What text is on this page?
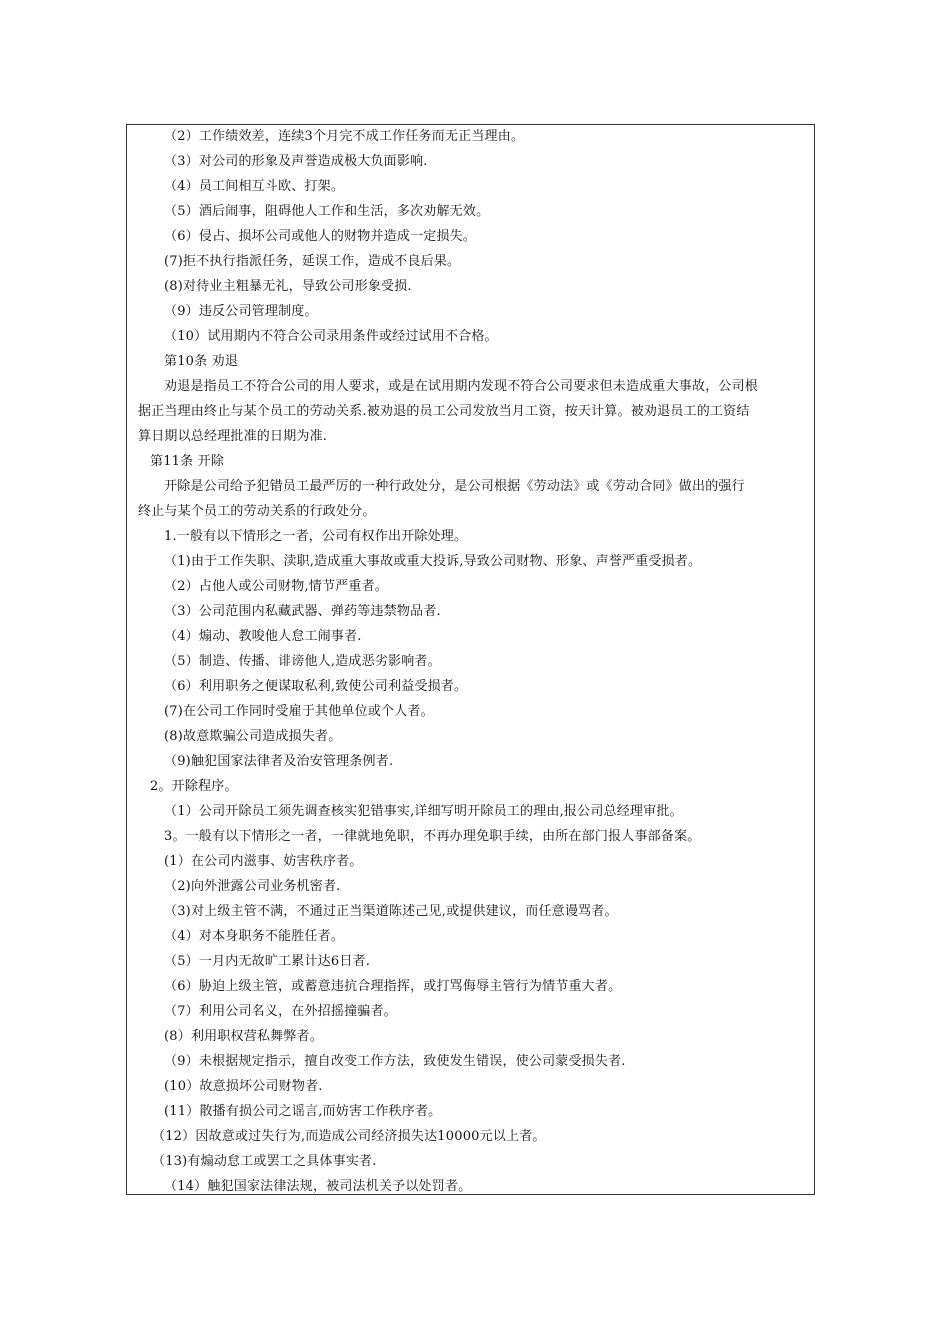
（2）工作绩效差，连续3个月完不成工作任务而无正当理由。
（3）对公司的形象及声誉造成极大负面影响.
（4）员工间相互斗欧、打架。
（5）酒后闹事，阻碍他人工作和生活，多次劝解无效。
（6）侵占、损坏公司或他人的财物并造成一定损失。
(7)拒不执行指派任务，延误工作，造成不良后果。
(8)对待业主粗暴无礼，导致公司形象受损.
（9）违反公司管理制度。
（10）试用期内不符合公司录用条件或经过试用不合格。
第10条 劝退
劝退是指员工不符合公司的用人要求，或是在试用期内发现不符合公司要求但未造成重大事故，公司根
据正当理由终止与某个员工的劳动关系.被劝退的员工公司发放当月工资，按天计算。被劝退员工的工资结
算日期以总经理批准的日期为准.
第11条 开除
开除是公司给予犯错员工最严厉的一种行政处分，是公司根据《劳动法》或《劳动合同》做出的强行
终止与某个员工的劳动关系的行政处分。
1.一般有以下情形之一者，公司有权作出开除处理。
（1)由于工作失职、渎职,造成重大事故或重大投诉,导致公司财物、形象、声誉严重受损者。
（2）占他人或公司财物,情节严重者。
（3）公司范围内私藏武器、弹药等违禁物品者.
（4）煽动、教唆他人怠工闹事者.
（5）制造、传播、诽谤他人,造成恶劣影响者。
（6）利用职务之便谋取私利,致使公司利益受损者。
(7)在公司工作同时受雇于其他单位或个人者。
(8)故意欺骗公司造成损失者。
（9)触犯国家法律者及治安管理条例者.
2。开除程序。
（1）公司开除员工须先调查核实犯错事实,详细写明开除员工的理由,报公司总经理审批。
3。一般有以下情形之一者，一律就地免职，不再办理免职手续，由所在部门报人事部备案。
(1）在公司内滋事、妨害秩序者。
（2)向外泄露公司业务机密者.
（3)对上级主管不满，不通过正当渠道陈述己见,或提供建议，而任意谩骂者。
（4）对本身职务不能胜任者。
（5）一月内无故旷工累计达6日者.
（6）胁迫上级主管，或蓄意违抗合理指挥，或打骂侮辱主管行为情节重大者。
（7）利用公司名义，在外招摇撞骗者。
(8）利用职权营私舞弊者。
（9）未根据规定指示，擅自改变工作方法，致使发生错误，使公司蒙受损失者.
(10）故意损坏公司财物者.
(11）散播有损公司之谣言,而妨害工作秩序者。
（12）因故意或过失行为,而造成公司经济损失达10000元以上者。
（13)有煽动怠工或罢工之具体事实者.
（14）触犯国家法律法规，被司法机关予以处罚者。
